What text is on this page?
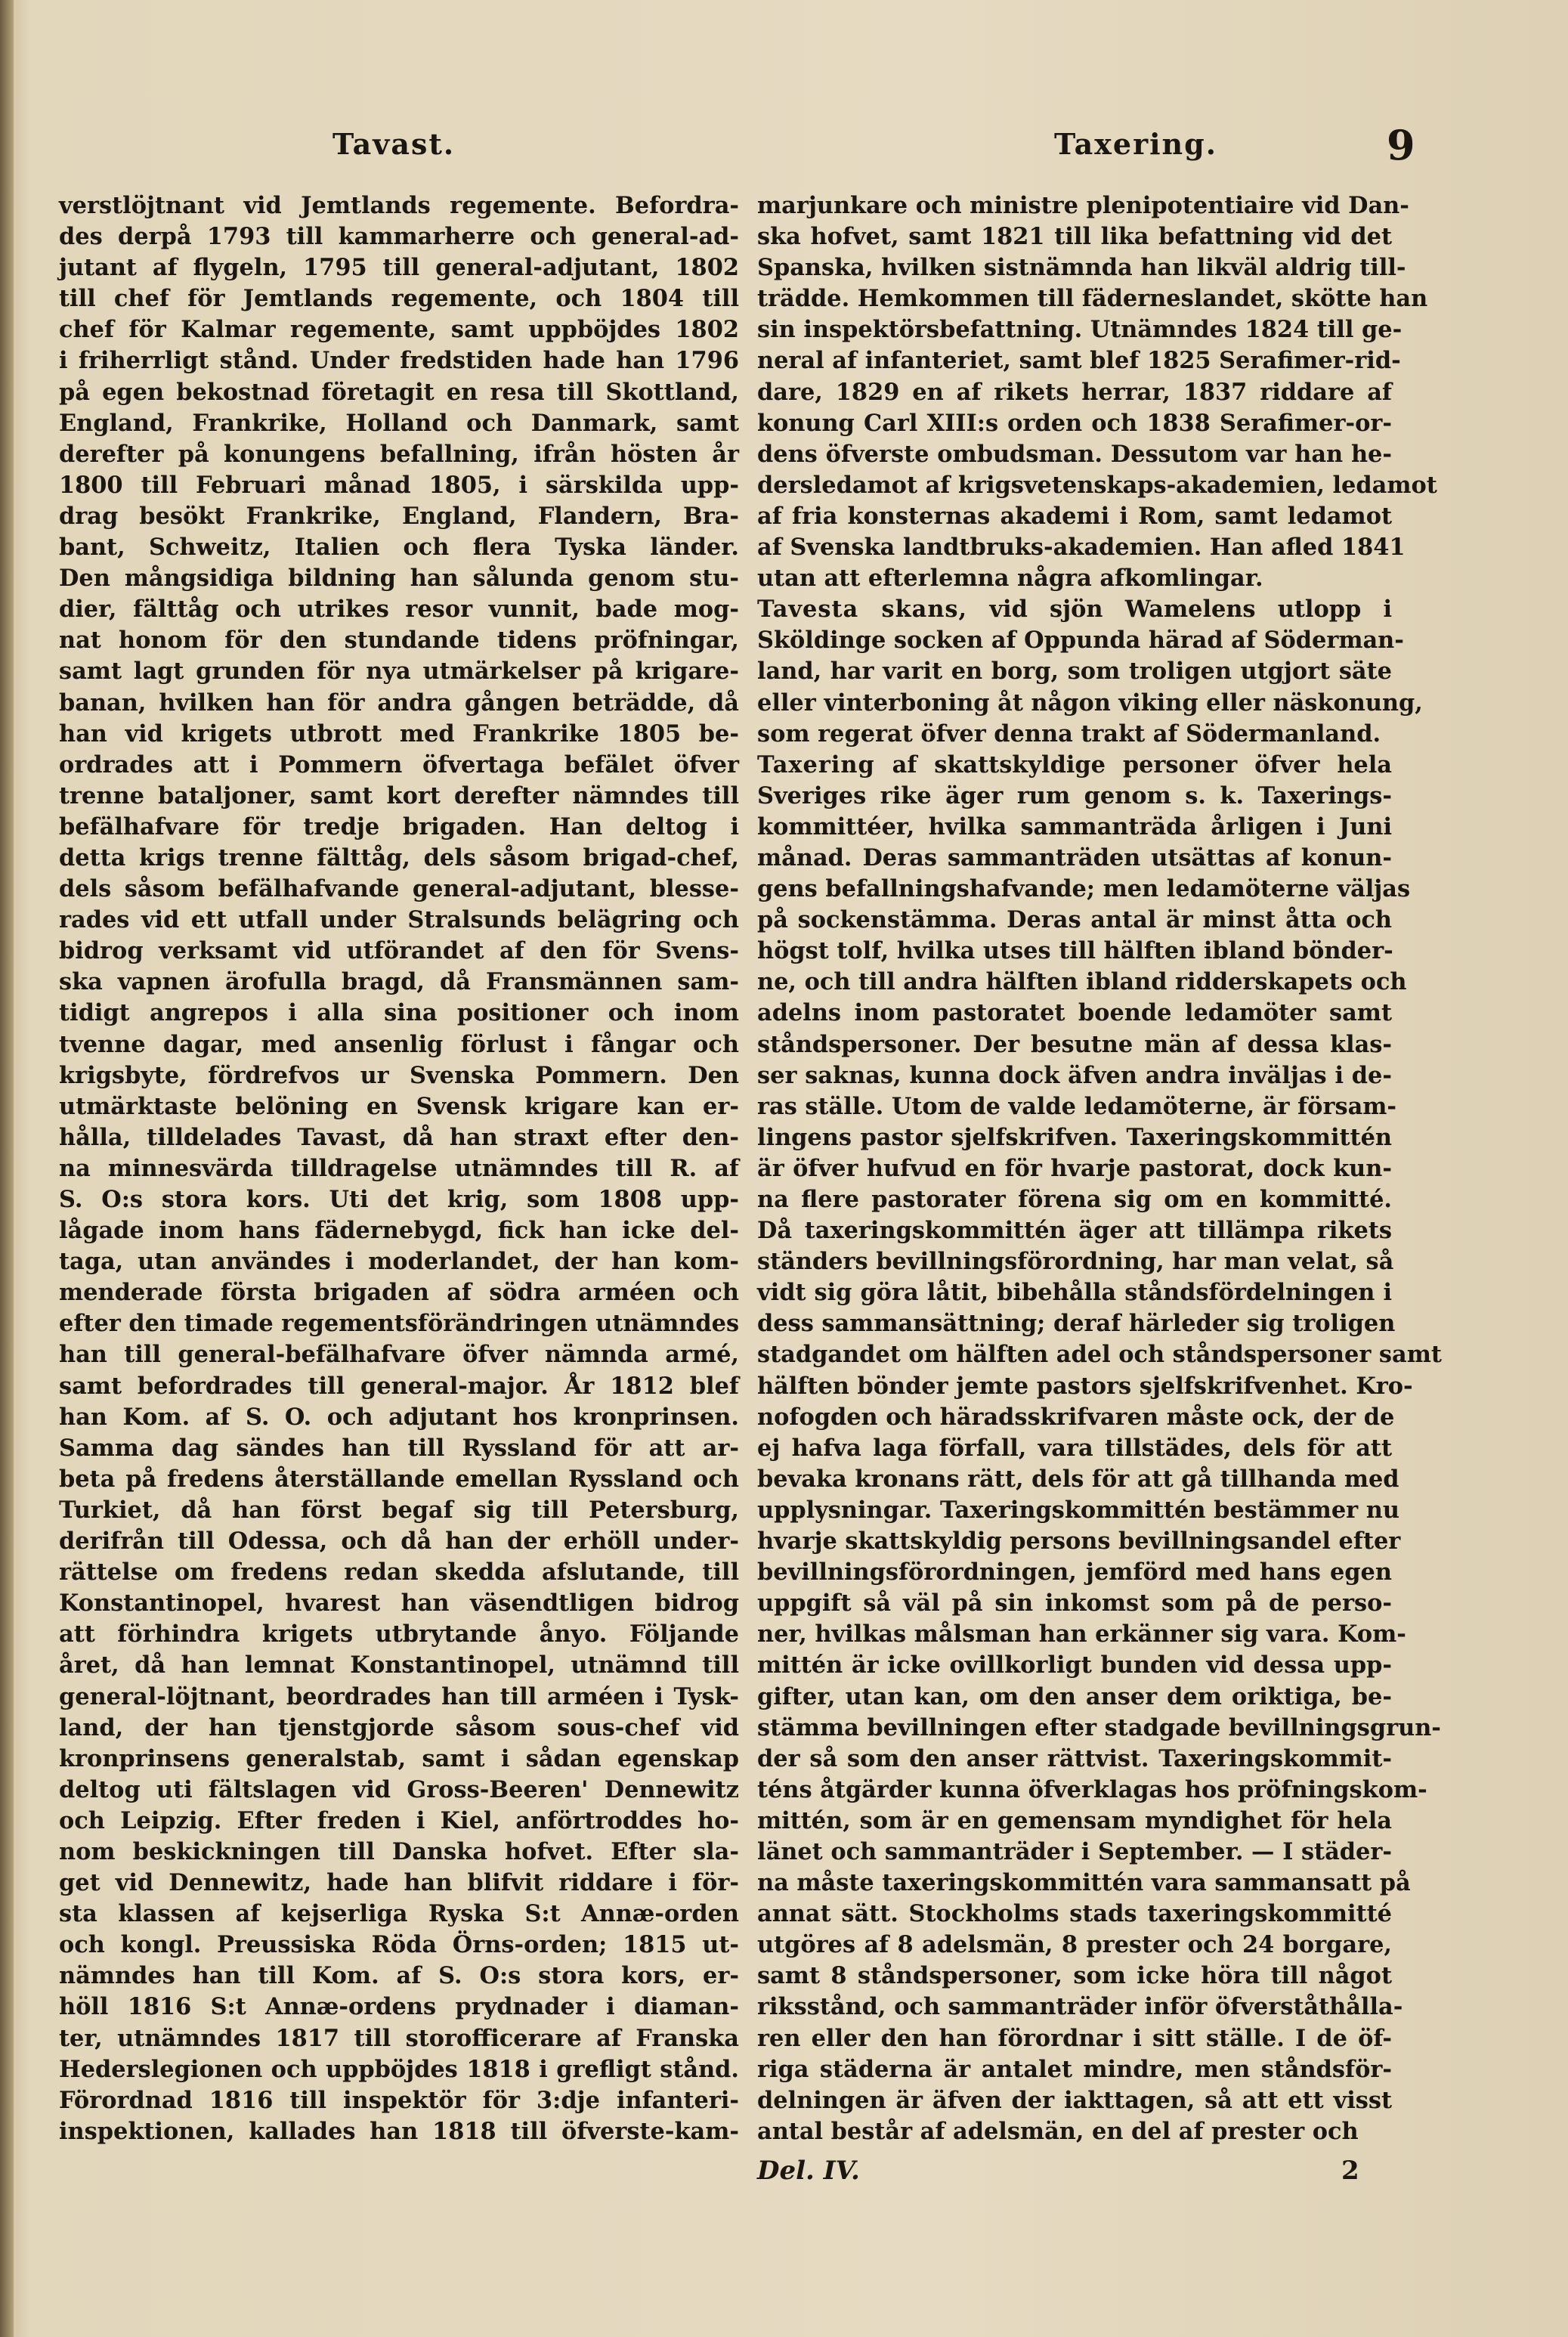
Tavast.	Taxering.	9
verstlöjtnant vid Jemtlands regemente. Befordra-
des derpå 1793 till kammarherre och general-ad-
jutant af flygeln, 1795 till general-adjutant, 1802
till chef för Jemtlands regemente, och 1804 till
chef för Kalmar regemente, samt uppböjdes 1802
i friherrligt stånd. Under fredstiden hade han 1796
på egen bekostnad företagit en resa till Skottland,
England, Frankrike, Holland och Danmark, samt
derefter på konungens befallning, ifrån hösten år
1800 till Februari månad 1805, i särskilda upp-
drag besökt Frankrike, England, Flandern, Bra-
bant, Schweitz, Italien och flera Tyska länder.
Den mångsidiga bildning han sålunda genom stu-
dier, fälttåg och utrikes resor vunnit, bade mog-
nat honom för den stundande tidens pröfningar,
samt lagt grunden för nya utmärkelser på krigare-
banan, hvilken han för andra gången beträdde, då
han vid krigets utbrott med Frankrike 1805 be-
ordrades att i Pommern öfvertaga befälet öfver
trenne bataljoner, samt kort derefter nämndes till
befälhafvare för tredje brigaden. Han deltog i
detta krigs trenne fälttåg, dels såsom brigad-chef,
dels såsom befälhafvande general-adjutant, blesse-
rades vid ett utfall under Stralsunds belägring och
bidrog verksamt vid utförandet af den för Svens-
ska vapnen ärofulla bragd, då Fransmännen sam-
tidigt angrepos i alla sina positioner och inom
tvenne dagar, med ansenlig förlust i fångar och
krigsbyte, fördrefvos ur Svenska Pommern. Den
utmärktaste belöning en Svensk krigare kan er-
hålla, tilldelades Tavast, då han straxt efter den-
na minnesvärda tilldragelse utnämndes till R. af
S. O:s stora kors. Uti det krig, som 1808 upp-
lågade inom hans fädernebygd, fick han icke del-
taga, utan användes i moderlandet, der han kom-
menderade första brigaden af södra arméen och
efter den timade regementsförändringen utnämndes
han till general-befälhafvare öfver nämnda armé,
samt befordrades till general-major. År 1812 blef
han Kom. af S. O. och adjutant hos kronprinsen.
Samma dag sändes han till Ryssland för att ar-
beta på fredens återställande emellan Ryssland och
Turkiet, då han först begaf sig till Petersburg,
derifrån till Odessa, och då han der erhöll under-
rättelse om fredens redan skedda afslutande, till
Konstantinopel, hvarest han väsendtligen bidrog
att förhindra krigets utbrytande ånyo. Följande
året, då han lemnat Konstantinopel, utnämnd till
general-löjtnant, beordrades han till arméen i Tysk-
land, der han tjenstgjorde såsom sous-chef vid
kronprinsens generalstab, samt i sådan egenskap
deltog uti fältslagen vid Gross-Beeren' Dennewitz
och Leipzig. Efter freden i Kiel, anförtroddes ho-
nom beskickningen till Danska hofvet. Efter sla-
get vid Dennewitz, hade han blifvit riddare i för-
sta klassen af kejserliga Ryska S:t Annæ-orden
och kongl. Preussiska Röda Örns-orden; 1815 ut-
nämndes han till Kom. af S. O:s stora kors, er-
höll 1816 S:t Annæ-ordens prydnader i diaman-
ter, utnämndes 1817 till storofficerare af Franska
Hederslegionen och uppböjdes 1818 i grefligt stånd.
Förordnad 1816 till inspektör för 3:dje infanteri-
inspektionen, kallades han 1818 till öfverste-kam-
marjunkare och ministre plenipotentiaire vid Dan-
ska hofvet, samt 1821 till lika befattning vid det
Spanska, hvilken sistnämnda han likväl aldrig till-
trädde. Hemkommen till fäderneslandet, skötte han
sin inspektörsbefattning. Utnämndes 1824 till ge-
neral af infanteriet, samt blef 1825 Serafimer-rid-
dare, 1829 en af rikets herrar, 1837 riddare af
konung Carl XIII:s orden och 1838 Serafimer-or-
dens öfverste ombudsman. Dessutom var han he-
dersledamot af krigsvetenskaps-akademien, ledamot
af fria konsternas akademi i Rom, samt ledamot
af Svenska landtbruks-akademien. Han afled 1841
utan att efterlemna några afkomlingar.
Tavesta skans, vid sjön Wamelens utlopp i
Sköldinge socken af Oppunda härad af Söderman-
land, har varit en borg, som troligen utgjort säte
eller vinterboning åt någon viking eller näskonung,
som regerat öfver denna trakt af Södermanland.
Taxering af skattskyldige personer öfver hela
Sveriges rike äger rum genom s. k. Taxerings-
kommittéer, hvilka sammanträda årligen i Juni
månad. Deras sammanträden utsättas af konun-
gens befallningshafvande; men ledamöterne väljas
på sockenstämma. Deras antal är minst åtta och
högst tolf, hvilka utses till hälften ibland bönder-
ne, och till andra hälften ibland ridderskapets och
adelns inom pastoratet boende ledamöter samt
ståndspersoner. Der besutne män af dessa klas-
ser saknas, kunna dock äfven andra inväljas i de-
ras ställe. Utom de valde ledamöterne, är försam-
lingens pastor sjelfskrifven. Taxeringskommittén
är öfver hufvud en för hvarje pastorat, dock kun-
na flere pastorater förena sig om en kommitté.
Då taxeringskommittén äger att tillämpa rikets
ständers bevillningsförordning, har man velat, så
vidt sig göra låtit, bibehålla ståndsfördelningen i
dess sammansättning; deraf härleder sig troligen
stadgandet om hälften adel och ståndspersoner samt
hälften bönder jemte pastors sjelfskrifvenhet. Kro-
nofogden och häradsskrifvaren måste ock, der de
ej hafva laga förfall, vara tillstädes, dels för att
bevaka kronans rätt, dels för att gå tillhanda med
upplysningar. Taxeringskommittén bestämmer nu
hvarje skattskyldig persons bevillningsandel efter
bevillningsförordningen, jemförd med hans egen
uppgift så väl på sin inkomst som på de perso-
ner, hvilkas målsman han erkänner sig vara. Kom-
mittén är icke ovillkorligt bunden vid dessa upp-
gifter, utan kan, om den anser dem oriktiga, be-
stämma bevillningen efter stadgade bevillningsgrun-
der så som den anser rättvist. Taxeringskommit-
téns åtgärder kunna öfverklagas hos pröfningskom-
mittén, som är en gemensam myndighet för hela
länet och sammanträder i September. — I städer-
na måste taxeringskommittén vara sammansatt på
annat sätt. Stockholms stads taxeringskommitté
utgöres af 8 adelsmän, 8 prester och 24 borgare,
samt 8 ståndspersoner, som icke höra till något
riksstånd, och sammanträder inför öfverståthålla-
ren eller den han förordnar i sitt ställe. I de öf-
riga städerna är antalet mindre, men ståndsför-
delningen är äfven der iakttagen, så att ett visst
antal består af adelsmän, en del af prester och
Del. IV.	2
